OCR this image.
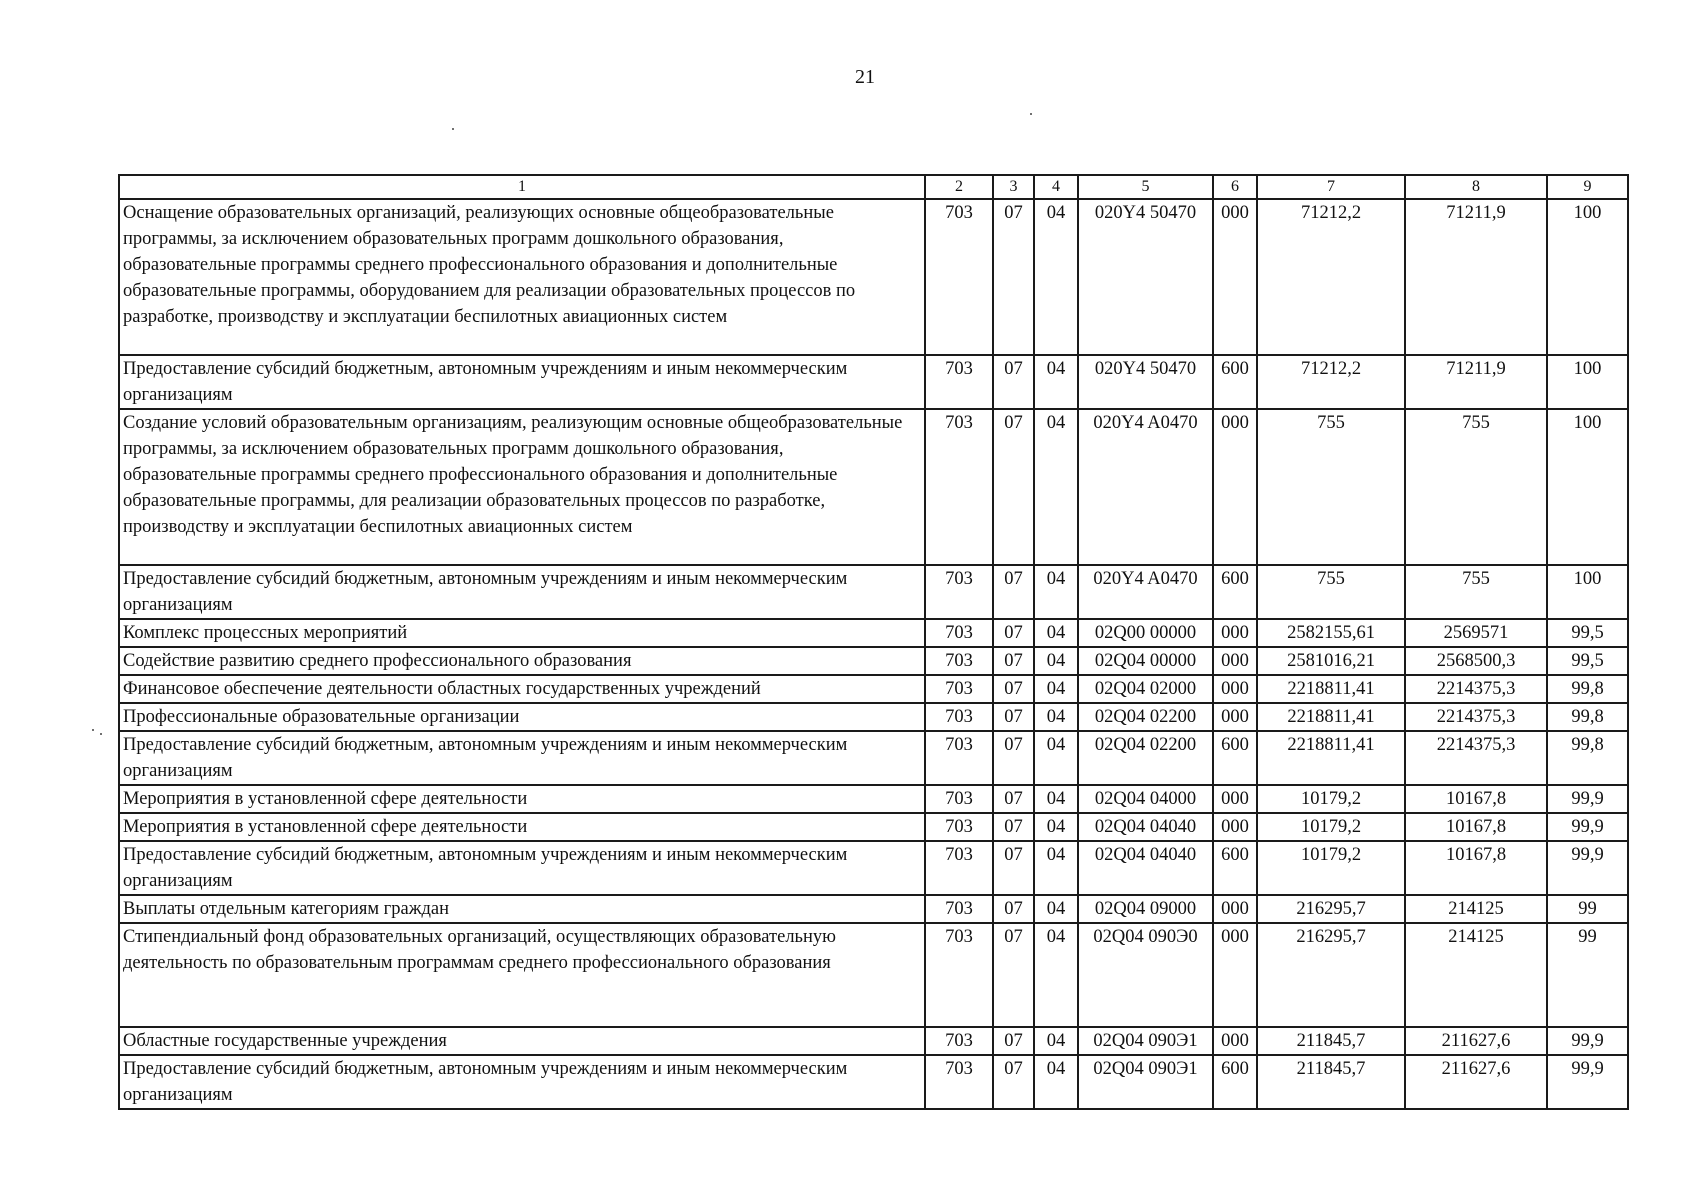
21
1	2	3	4	5	6	7	8	9
Оснащение образовательных организаций, реализующих основные общеобразовательные программы, за исключением образовательных программ дошкольного образования, образовательные программы среднего профессионального образования и дополнительные образовательные программы, оборудованием для реализации образовательных процессов по разработке, производству и эксплуатации беспилотных авиационных систем	703	07	04	020Y4 50470	000	71212,2	71211,9	100
Предоставление субсидий бюджетным, автономным учреждениям и иным некоммерческим организациям	703	07	04	020Y4 50470	600	71212,2	71211,9	100
Создание условий образовательным организациям, реализующим основные общеобразовательные программы, за исключением образовательных программ дошкольного образования, образовательные программы среднего профессионального образования и дополнительные образовательные программы, для реализации образовательных процессов по разработке, производству и эксплуатации беспилотных авиационных систем	703	07	04	020Y4 A0470	000	755	755	100
Предоставление субсидий бюджетным, автономным учреждениям и иным некоммерческим организациям	703	07	04	020Y4 A0470	600	755	755	100
Комплекс процессных мероприятий	703	07	04	02Q00 00000	000	2582155,61	2569571	99,5
Содействие развитию среднего профессионального образования	703	07	04	02Q04 00000	000	2581016,21	2568500,3	99,5
Финансовое обеспечение деятельности областных государственных учреждений	703	07	04	02Q04 02000	000	2218811,41	2214375,3	99,8
Профессиональные образовательные организации	703	07	04	02Q04 02200	000	2218811,41	2214375,3	99,8
Предоставление субсидий бюджетным, автономным учреждениям и иным некоммерческим организациям	703	07	04	02Q04 02200	600	2218811,41	2214375,3	99,8
Мероприятия в установленной сфере деятельности	703	07	04	02Q04 04000	000	10179,2	10167,8	99,9
Мероприятия в установленной сфере деятельности	703	07	04	02Q04 04040	000	10179,2	10167,8	99,9
Предоставление субсидий бюджетным, автономным учреждениям и иным некоммерческим организациям	703	07	04	02Q04 04040	600	10179,2	10167,8	99,9
Выплаты отдельным категориям граждан	703	07	04	02Q04 09000	000	216295,7	214125	99
Стипендиальный фонд образовательных организаций, осуществляющих образовательную деятельность по образовательным программам среднего профессионального образования	703	07	04	02Q04 090Э0	000	216295,7	214125	99
Областные государственные учреждения	703	07	04	02Q04 090Э1	000	211845,7	211627,6	99,9
Предоставление субсидий бюджетным, автономным учреждениям и иным некоммерческим организациям	703	07	04	02Q04 090Э1	600	211845,7	211627,6	99,9
